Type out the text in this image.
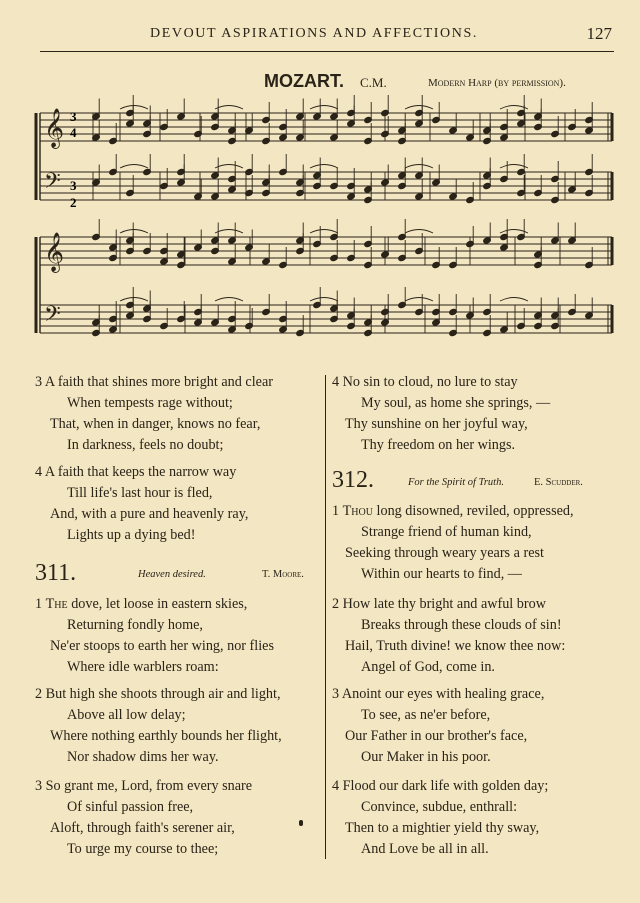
DEVOUT ASPIRATIONS AND AFFECTIONS.	127
MOZART. C.M.	Modern Harp (by permission).
𝄞
𝄢
𝄞
𝄢
3
4
3
2
3 A faith that shines more bright and clear
When tempests rage without;
That, when in danger, knows no fear,
In darkness, feels no doubt;
4 A faith that keeps the narrow way
Till life's last hour is fled,
And, with a pure and heavenly ray,
Lights up a dying bed!
311.	Heaven desired.	T. Moore.
1 The dove, let loose in eastern skies,
Returning fondly home,
Ne'er stoops to earth her wing, nor flies
Where idle warblers roam:
2 But high she shoots through air and light,
Above all low delay;
Where nothing earthly bounds her flight,
Nor shadow dims her way.
3 So grant me, Lord, from every snare
Of sinful passion free,
Aloft, through faith's serener air,
To urge my course to thee;
4 No sin to cloud, no lure to stay
My soul, as home she springs, —
Thy sunshine on her joyful way,
Thy freedom on her wings.
312.	For the Spirit of Truth.	E. Scudder.
1 Thou long disowned, reviled, oppressed,
Strange friend of human kind,
Seeking through weary years a rest
Within our hearts to find, —
2 How late thy bright and awful brow
Breaks through these clouds of sin!
Hail, Truth divine! we know thee now:
Angel of God, come in.
3 Anoint our eyes with healing grace,
To see, as ne'er before,
Our Father in our brother's face,
Our Maker in his poor.
4 Flood our dark life with golden day;
Convince, subdue, enthrall:
Then to a mightier yield thy sway,
And Love be all in all.
